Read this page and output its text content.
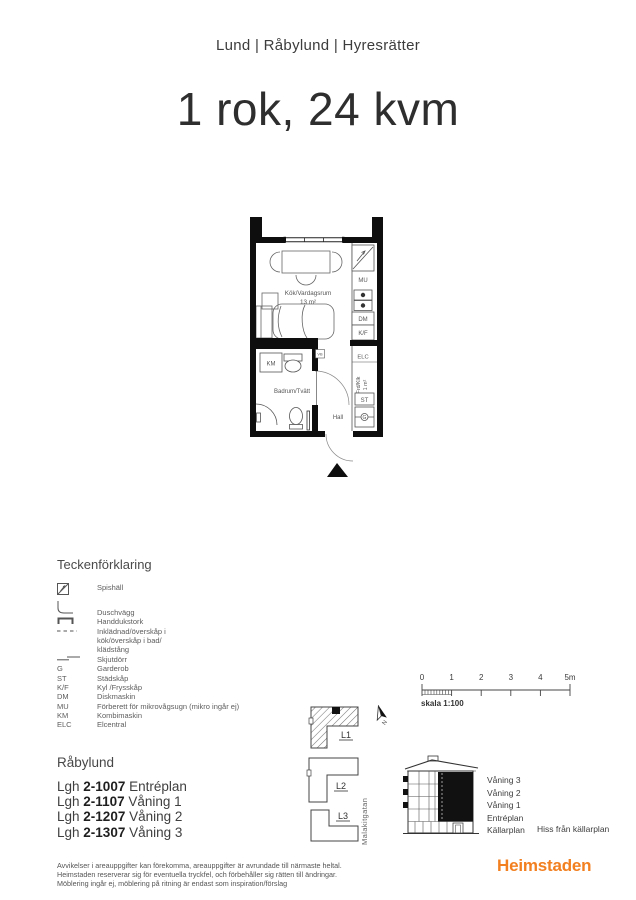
Lund | Råbylund | Hyresrätter
1 rok, 24 kvm
Kök/Vardagsrum
13 m²
Badrum/Tvätt
Hall
KM
MU
DM
K/F
ELC
ST
G
VB
Frd/Klk 1 m²
Teckenförklaring
Spishäll
Duschvägg
Handdukstork
Inklädnad/överskåp i
kök/överskåp i bad/
klädstång
Skjutdörr
G	Garderob
ST	Städskåp
K/F	Kyl /Frysskåp
DM	Diskmaskin
MU	Förberett för mikrovågsugn (mikro ingår ej)
KM	Kombimaskin
ELC	Elcentral
0	1	2	3	4	5m
skala 1:100
L1
L2
L3
N
Malakitgatan
Råbylund
Lgh 2-1007 Entréplan
Lgh 2-1107 Våning 1
Lgh 2-1207 Våning 2
Lgh 2-1307 Våning 3
Våning 3
Våning 2
Våning 1
Entréplan
Källarplan Hiss från källarplan
Avvikelser i areauppgifter kan förekomma, areauppgifter är avrundade till närmaste heltal.
Heimstaden reserverar sig för eventuella tryckfel, och förbehåller sig rätten till ändringar.
Möblering ingår ej, möblering på ritning är endast som inspiration/förslag
Heimstaden
